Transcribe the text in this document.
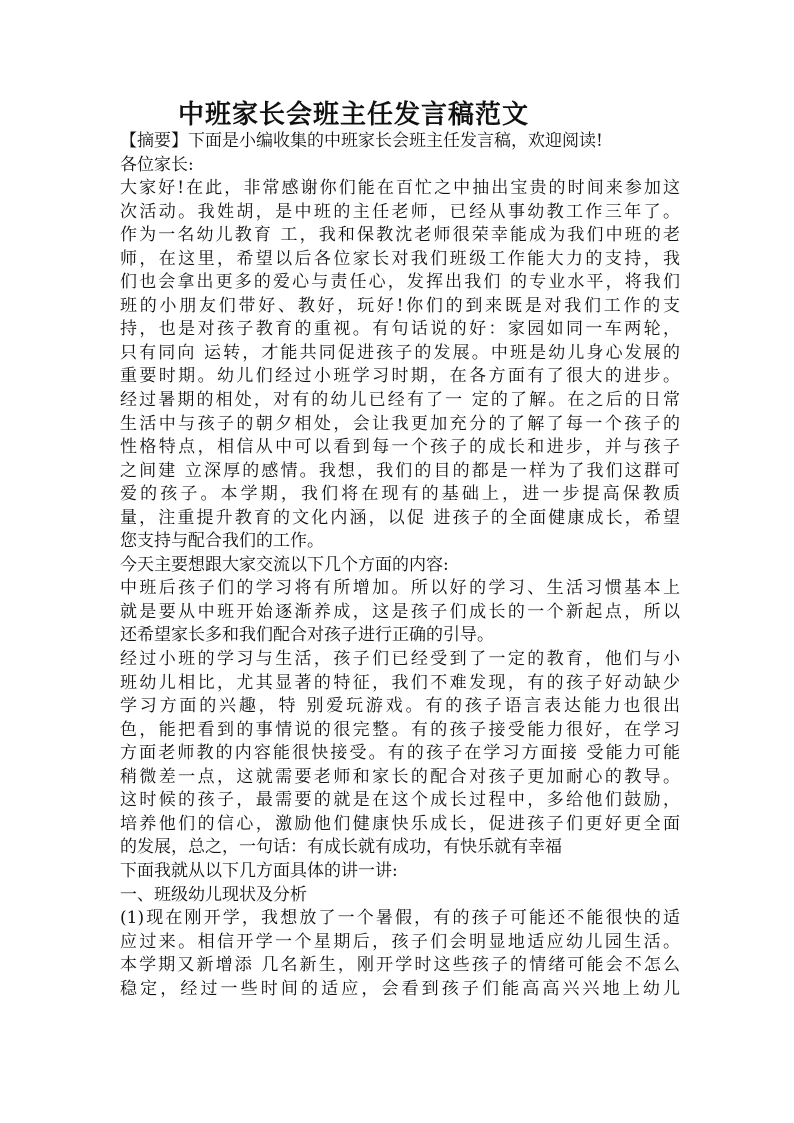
中班家长会班主任发言稿范文

【摘要】下面是小编收集的中班家长会班主任发言稿，欢迎阅读!

各位家长:

大家好!在此，非常感谢你们能在百忙之中抽出宝贵的时间来参加这

次活动。我姓胡，是中班的主任老师，已经从事幼教工作三年了。

作为一名幼儿教育 工，我和保教沈老师很荣幸能成为我们中班的老

师，在这里，希望以后各位家长对我们班级工作能大力的支持，我

们也会拿出更多的爱心与责任心，发挥出我们 的专业水平，将我们

班的小朋友们带好、教好，玩好!你们的到来既是对我们工作的支

持，也是对孩子教育的重视。有句话说的好：家园如同一车两轮，

只有同向 运转，才能共同促进孩子的发展。中班是幼儿身心发展的

重要时期。幼儿们经过小班学习时期，在各方面有了很大的进步。

经过暑期的相处，对有的幼儿已经有了一 定的了解。在之后的日常

生活中与孩子的朝夕相处，会让我更加充分的了解了每一个孩子的

性格特点，相信从中可以看到每一个孩子的成长和进步，并与孩子

之间建 立深厚的感情。我想，我们的目的都是一样为了我们这群可

爱的孩子。本学期，我们将在现有的基础上，进一步提高保教质

量，注重提升教育的文化内涵，以促 进孩子的全面健康成长，希望

您支持与配合我们的工作。

今天主要想跟大家交流以下几个方面的内容:

中班后孩子们的学习将有所增加。所以好的学习、生活习惯基本上

就是要从中班开始逐渐养成，这是孩子们成长的一个新起点，所以

还希望家长多和我们配合对孩子进行正确的引导。

经过小班的学习与生活，孩子们已经受到了一定的教育，他们与小

班幼儿相比，尤其显著的特征，我们不难发现，有的孩子好动缺少

学习方面的兴趣，特 别爱玩游戏。有的孩子语言表达能力也很出

色，能把看到的事情说的很完整。有的孩子接受能力很好，在学习

方面老师教的内容能很快接受。有的孩子在学习方面接 受能力可能

稍微差一点，这就需要老师和家长的配合对孩子更加耐心的教导。

这时候的孩子，最需要的就是在这个成长过程中，多给他们鼓励，

培养他们的信心，激励他们健康快乐成长，促进孩子们更好更全面

的发展，总之，一句话：有成长就有成功，有快乐就有幸福

下面我就从以下几方面具体的讲一讲:

一、班级幼儿现状及分析

(1)现在刚开学，我想放了一个暑假，有的孩子可能还不能很快的适

应过来。相信开学一个星期后，孩子们会明显地适应幼儿园生活。

本学期又新增添 几名新生，刚开学时这些孩子的情绪可能会不怎么

稳定，经过一些时间的适应，会看到孩子们能高高兴兴地上幼儿
